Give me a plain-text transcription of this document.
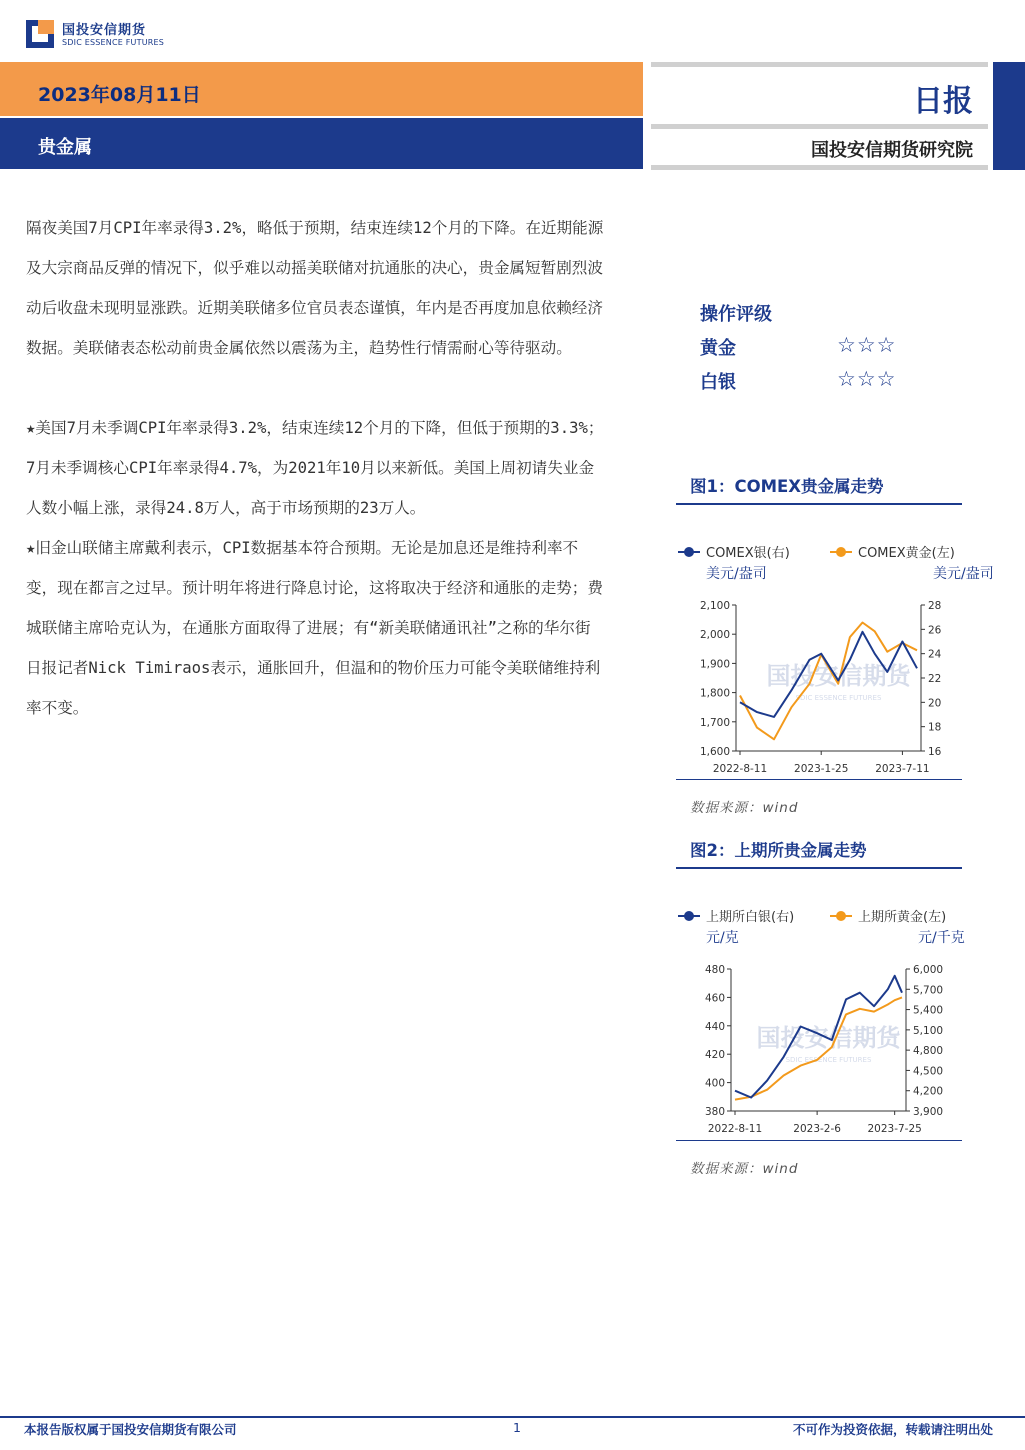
国投安信期货
SDIC ESSENCE FUTURES
2023年08月11日
贵金属
日报
国投安信期货研究院

隔夜美国7月CPI年率录得3.2%，略低于预期，结束连续12个月的下降。在近期能源及大宗商品反弹的情况下，似乎难以动摇美联储对抗通胀的决心，贵金属短暂剧烈波动后收盘未现明显涨跌。近期美联储多位官员表态谨慎，年内是否再度加息依赖经济数据。美联储表态松动前贵金属依然以震荡为主，趋势性行情需耐心等待驱动。

★美国7月未季调CPI年率录得3.2%，结束连续12个月的下降，但低于预期的3.3%；7月未季调核心CPI年率录得4.7%，为2021年10月以来新低。美国上周初请失业金人数小幅上涨，录得24.8万人，高于市场预期的23万人。

★旧金山联储主席戴利表示，CPI数据基本符合预期。无论是加息还是维持利率不变，现在都言之过早。预计明年将进行降息讨论，这将取决于经济和通胀的走势；费城联储主席哈克认为，在通胀方面取得了进展；有“新美联储通讯社”之称的华尔街日报记者Nick Timiraos表示，通胀回升，但温和的物价压力可能令美联储维持利率不变。

操作评级
黄金	☆☆☆
白银	☆☆☆
图1：COMEX贵金属走势
国投安信期货
SDIC ESSENCE FUTURES
COMEX银(右)	COMEX黄金(左)
美元/盎司	美元/盎司
1,600
1,700
1,800
1,900
2,000
2,100
16
18
20
22
24
26
28
2022-8-11	2023-1-25	2023-7-11
数据来源：wind
图2：上期所贵金属走势
国投安信期货
SDIC ESSENCE FUTURES
上期所白银(右)	上期所黄金(左)
元/克	元/千克
380
400
420
440
460
480
3,900
4,200
4,500
4,800
5,100
5,400
5,700
6,000
2022-8-11	2023-2-6	2023-7-25
数据来源：wind
本报告版权属于国投安信期货有限公司	1	不可作为投资依据，转载请注明出处
